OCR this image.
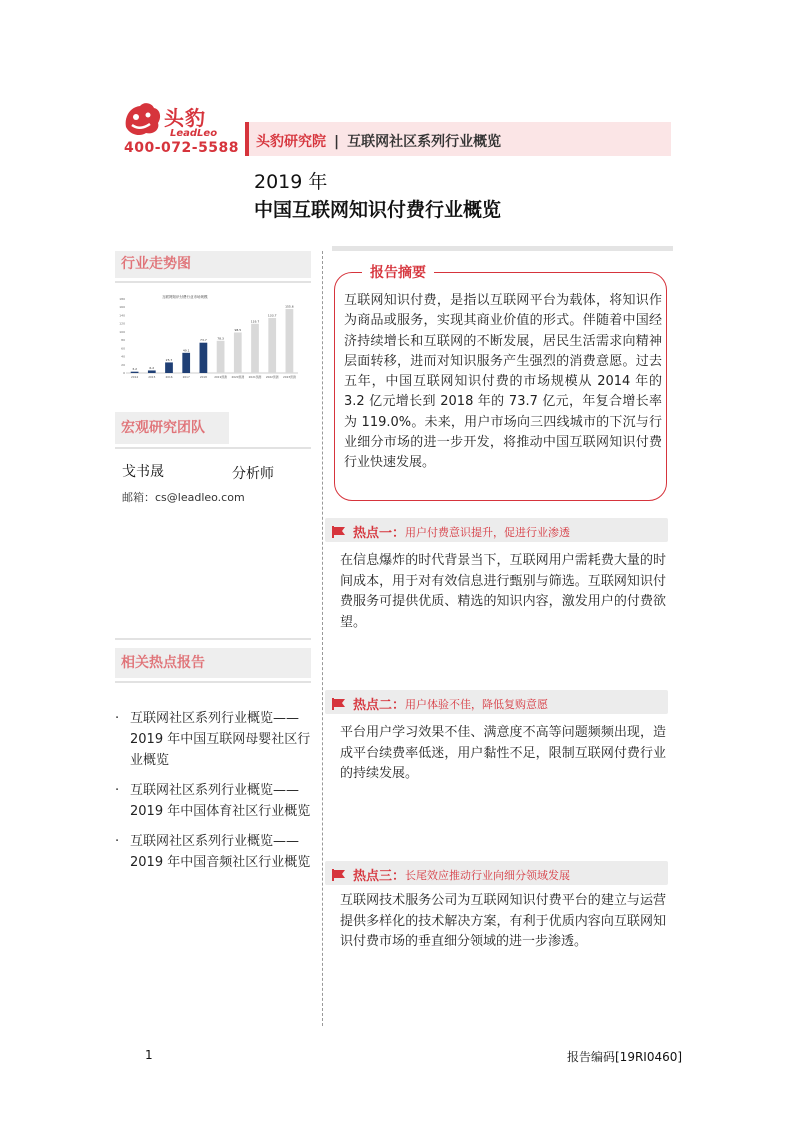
头豹
LeadLeo
400-072-5588 头豹研究院 | 互联网社区系列行业概览
2019 年
中国互联网知识付费行业概览
行业走势图
0
20
40
60
80
100
120
140
160
180
3.2	6.2
25.7
49.1
73.7	78.3
98.5
119.7
133.7
155.6
互联网知识付费行业市场规模
2014	2015	2016	2017	2018	2019预测 2020预测 2021预测 2022预测 2023预测
宏观研究团队
戈书晟	分析师
邮箱：cs@leadleo.com
相关热点报告
· 互联网社区系列行业概览——2019 年中国互联网母婴社区行业概览
· 互联网社区系列行业概览——2019 年中国体育社区行业概览
· 互联网社区系列行业概览——2019 年中国音频社区行业概览
报告摘要
互联网知识付费，是指以互联网平台为载体，将知识作为商品或服务，实现其商业价值的形式。伴随着中国经济持续增长和互联网的不断发展，居民生活需求向精神层面转移，进而对知识服务产生强烈的消费意愿。过去五年，中国互联网知识付费的市场规模从 2014 年的 3.2 亿元增长到 2018 年的 73.7 亿元，年复合增长率为 119.0%。未来，用户市场向三四线城市的下沉与行业细分市场的进一步开发，将推动中国互联网知识付费行业快速发展。
热点一： 用户付费意识提升，促进行业渗透
在信息爆炸的时代背景当下，互联网用户需耗费大量的时间成本，用于对有效信息进行甄别与筛选。互联网知识付费服务可提供优质、精选的知识内容，激发用户的付费欲望。
热点二： 用户体验不佳，降低复购意愿
平台用户学习效果不佳、满意度不高等问题频频出现，造成平台续费率低迷，用户黏性不足，限制互联网付费行业的持续发展。
热点三： 长尾效应推动行业向细分领域发展
互联网技术服务公司为互联网知识付费平台的建立与运营提供多样化的技术解决方案，有利于优质内容向互联网知识付费市场的垂直细分领域的进一步渗透。
1	报告编码[19RI0460]
